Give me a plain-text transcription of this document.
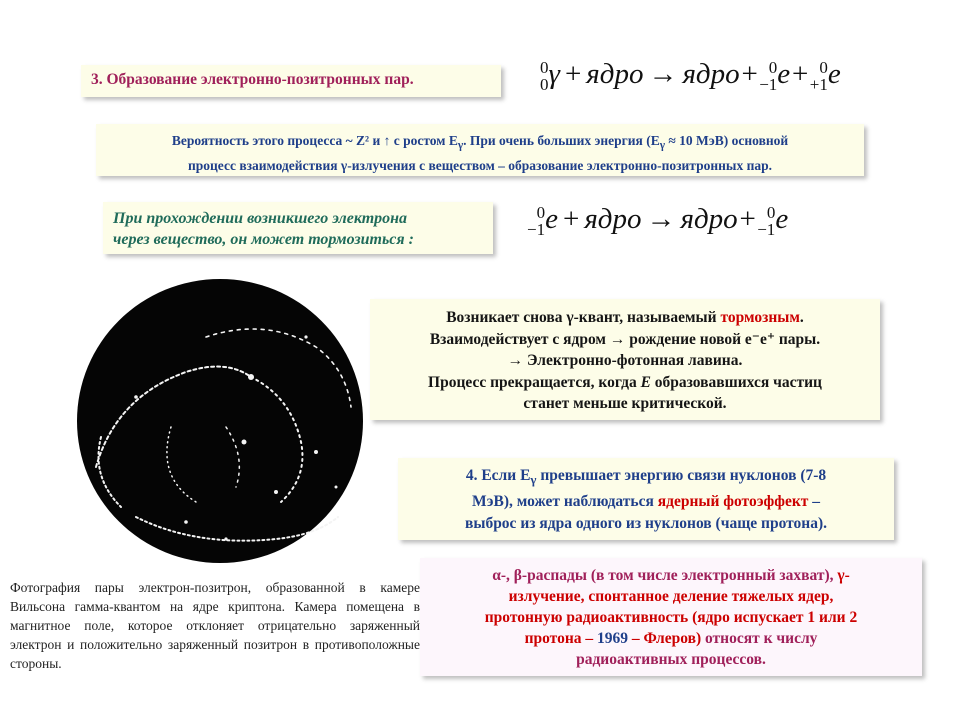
3. Образование электронно-позитронных пар.
0
0 γ + ядро → ядро+ 0
−1 e+ 0
+1 e
Вероятность этого процесса ~ Z² и ↑ с ростом $E_\gamma$. При очень больших энергия ($E_\gamma \approx 10$ МэВ) основной
процесс взаимодействия γ-излучения с веществом – образование электронно-позитронных пар.
При прохождении возникшего электрона
через вещество, он может тормозиться :
0
−1 e + ядро → ядро+ 0
−1 e
Возникает снова γ-квант, называемый тормозным.
Взаимодействует с ядром → рождение новой e⁻e⁺ пары.
→ Электронно-фотонная лавина.
Процесс прекращается, когда E образовавшихся частиц
станет меньше критической.
4. Если $E_\gamma$ превышает энергию связи нуклонов (7-8
МэВ), может наблюдаться ядерный фотоэффект –
выброс из ядра одного из нуклонов (чаще протона).
α-, β-распады (в том числе электронный захват), γ-
излучение, спонтанное деление тяжелых ядер,
протонную радиоактивность (ядро испускает 1 или 2
протона – 1969 – Флеров) относят к числу
радиоактивных процессов.
Фотография пары электрон-позитрон, образованной в камере Вильсона гамма-квантом на ядре криптона. Камера помещена в магнитное поле, которое отклоняет отрицательно заряженный электрон и положительно заряженный позитрон в противоположные стороны.
